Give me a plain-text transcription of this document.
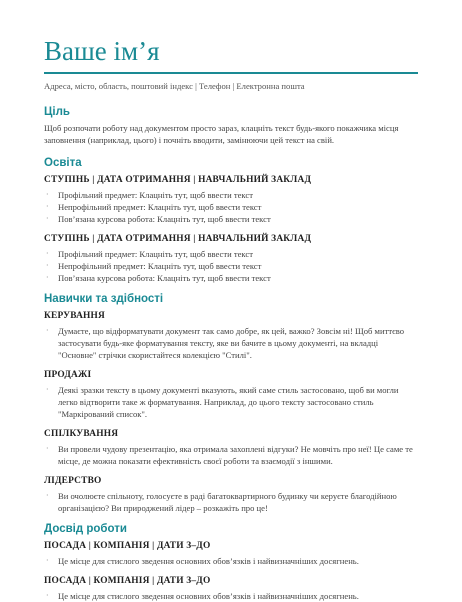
Ваше ім’я
Адреса, місто, область, поштовий індекс | Телефон | Електронна пошта
Ціль

Щоб розпочати роботу над документом просто зараз, клацніть текст будь-якого покажчика місця заповнення (наприклад, цього) і почніть вводити, замінюючи цей текст на свій.

Освіта
СТУПІНЬ | ДАТА ОТРИМАННЯ | НАВЧАЛЬНИЙ ЗАКЛАД
· Профільний предмет: Клацніть тут, щоб ввести текст
· Непрофільний предмет: Клацніть тут, щоб ввести текст
· Пов’язана курсова робота: Клацніть тут, щоб ввести текст
СТУПІНЬ | ДАТА ОТРИМАННЯ | НАВЧАЛЬНИЙ ЗАКЛАД
· Профільний предмет: Клацніть тут, щоб ввести текст
· Непрофільний предмет: Клацніть тут, щоб ввести текст
· Пов’язана курсова робота: Клацніть тут, щоб ввести текст
Навички та здібності
КЕРУВАННЯ
· Думаєте, що відформатувати документ так само добре, як цей, важко? Зовсім ні! Щоб миттєво застосувати будь-яке форматування тексту, яке ви бачите в цьому документі, на вкладці "Основне" стрічки скористайтеся колекцією "Стилі".
ПРОДАЖІ
· Деякі зразки тексту в цьому документі вказують, який саме стиль застосовано, щоб ви могли легко відтворити таке ж форматування. Наприклад, до цього тексту застосовано стиль "Маркірований список".
СПІЛКУВАННЯ
· Ви провели чудову презентацію, яка отримала захоплені відгуки? Не мовчіть про неї! Це саме те місце, де можна показати ефективність своєї роботи та взаємодії з іншими.
ЛІДЕРСТВО
· Ви очолюєте спільноту, голосуєте в раді багатоквартирного будинку чи керуєте благодійною організацією? Ви природжений лідер – розкажіть про це!
Досвід роботи
ПОСАДА | КОМПАНІЯ | ДАТИ З–ДО
· Це місце для стислого зведення основних обов’язків і найвизначніших досягнень.
ПОСАДА | КОМПАНІЯ | ДАТИ З–ДО
· Це місце для стислого зведення основних обов’язків і найвизначніших досягнень.
